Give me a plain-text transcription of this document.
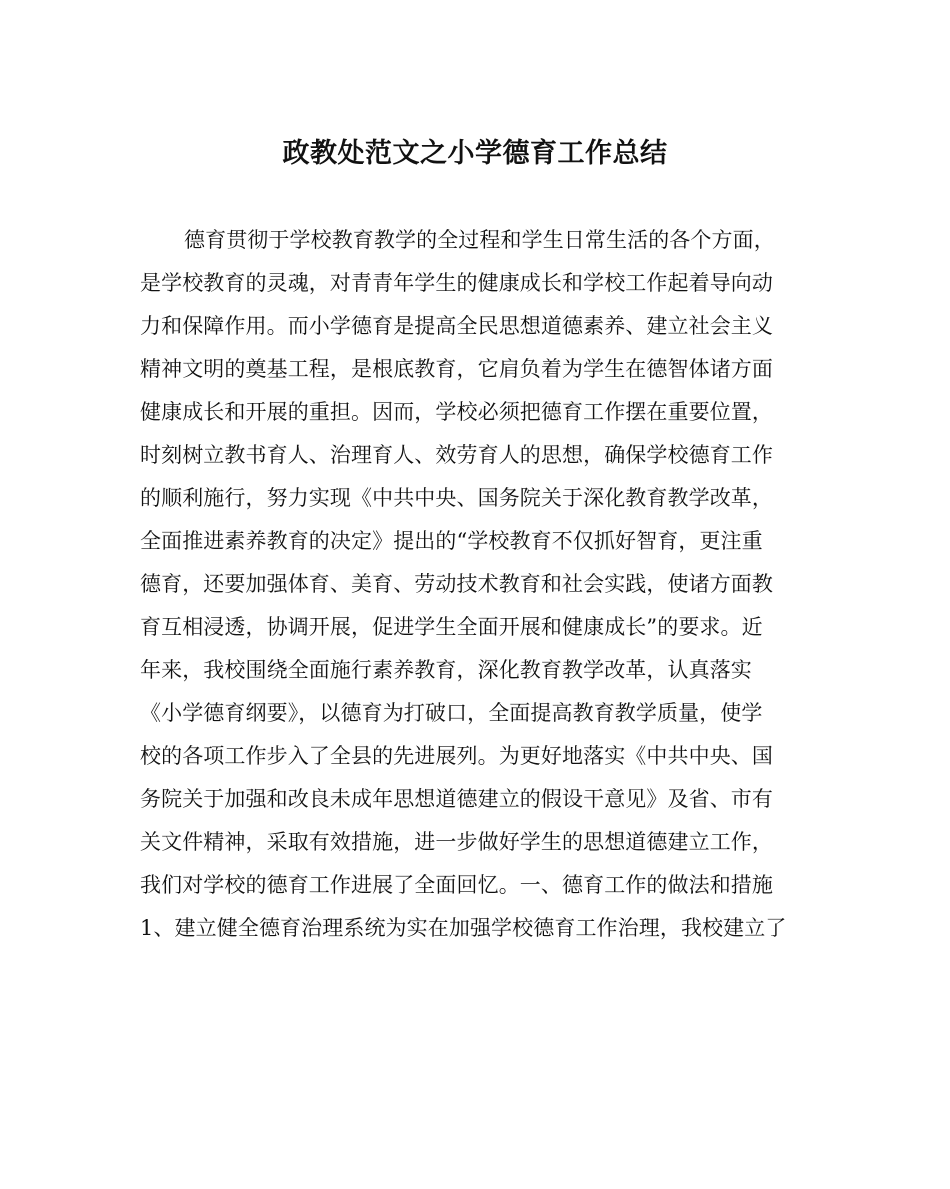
政教处范文之小学德育工作总结
德育贯彻于学校教育教学的全过程和学生日常生活的各个方面，
是学校教育的灵魂，对青青年学生的健康成长和学校工作起着导向动
力和保障作用。而小学德育是提高全民思想道德素养、建立社会主义
精神文明的奠基工程，是根底教育，它肩负着为学生在德智体诸方面
健康成长和开展的重担。因而，学校必须把德育工作摆在重要位置，
时刻树立教书育人、治理育人、效劳育人的思想，确保学校德育工作
的顺利施行，努力实现《中共中央、国务院关于深化教育教学改革，
全面推进素养教育的决定》提出的“学校教育不仅抓好智育，更注重
德育，还要加强体育、美育、劳动技术教育和社会实践，使诸方面教
育互相浸透，协调开展，促进学生全面开展和健康成长”的要求。近
年来，我校围绕全面施行素养教育，深化教育教学改革，认真落实
《小学德育纲要》，以德育为打破口，全面提高教育教学质量，使学
校的各项工作步入了全县的先进展列。为更好地落实《中共中央、国
务院关于加强和改良未成年思想道德建立的假设干意见》及省、市有
关文件精神，采取有效措施，进一步做好学生的思想道德建立工作，
我们对学校的德育工作进展了全面回忆。一、德育工作的做法和措施
1、建立健全德育治理系统为实在加强学校德育工作治理，我校建立了
